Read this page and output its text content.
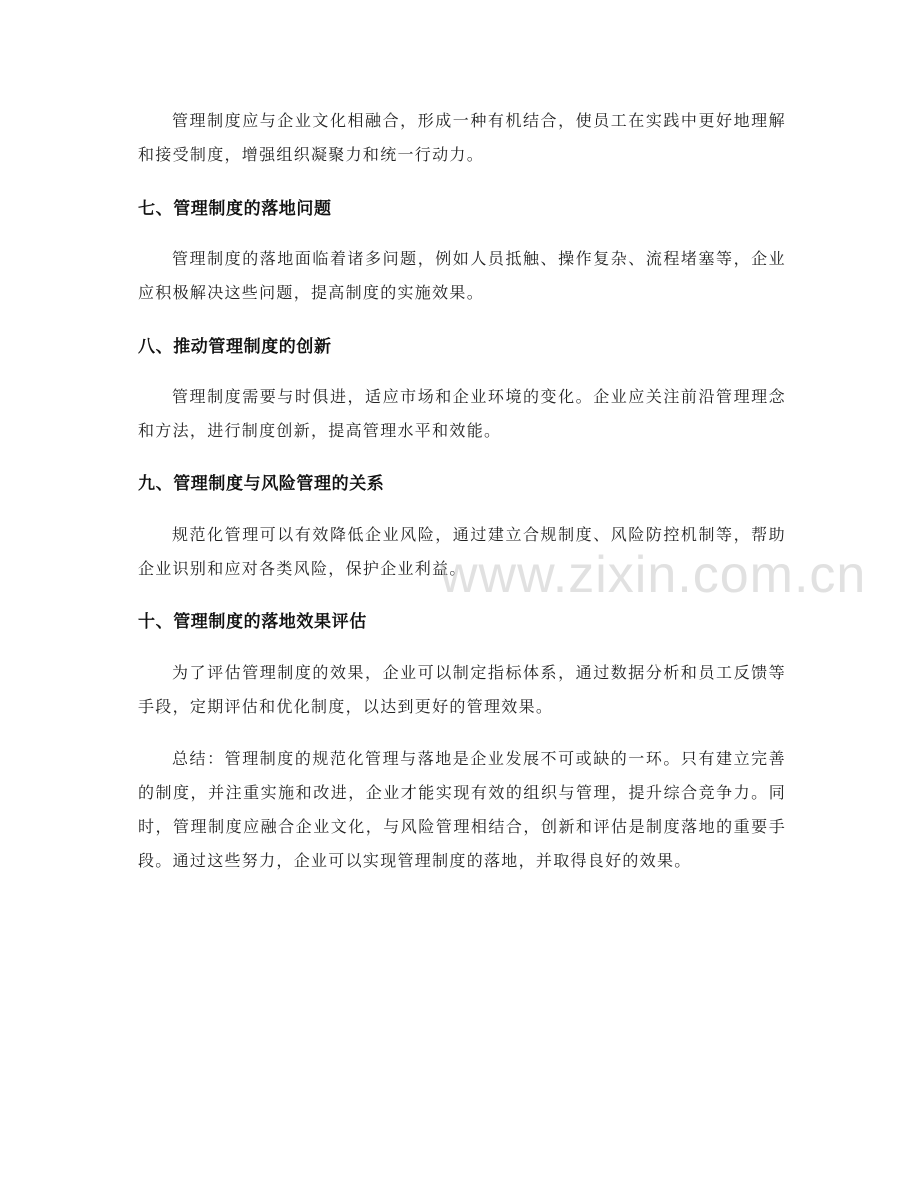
管理制度应与企业文化相融合，形成一种有机结合，使员工在实践中更好地理解和接受制度，增强组织凝聚力和统一行动力。

七、管理制度的落地问题

管理制度的落地面临着诸多问题，例如人员抵触、操作复杂、流程堵塞等，企业应积极解决这些问题，提高制度的实施效果。

八、推动管理制度的创新

管理制度需要与时俱进，适应市场和企业环境的变化。企业应关注前沿管理理念和方法，进行制度创新，提高管理水平和效能。

九、管理制度与风险管理的关系

规范化管理可以有效降低企业风险，通过建立合规制度、风险防控机制等，帮助企业识别和应对各类风险，保护企业利益。

十、管理制度的落地效果评估

为了评估管理制度的效果，企业可以制定指标体系，通过数据分析和员工反馈等手段，定期评估和优化制度，以达到更好的管理效果。

总结：管理制度的规范化管理与落地是企业发展不可或缺的一环。只有建立完善的制度，并注重实施和改进，企业才能实现有效的组织与管理，提升综合竞争力。同时，管理制度应融合企业文化，与风险管理相结合，创新和评估是制度落地的重要手段。通过这些努力，企业可以实现管理制度的落地，并取得良好的效果。

www.zixin.com.cn
